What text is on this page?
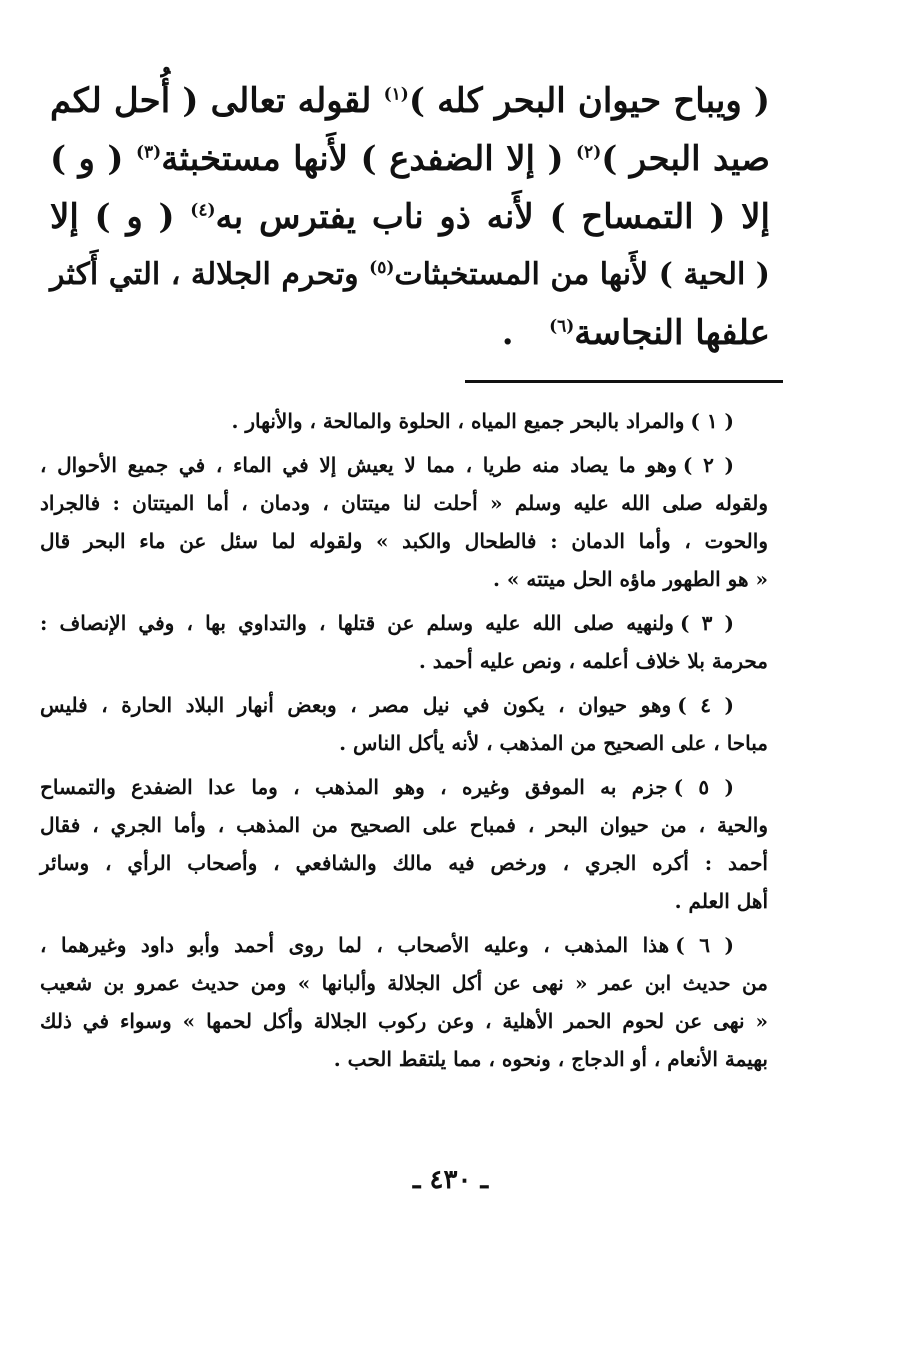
( ويباح حيوان البحر كله )$^{(١)}$ لقوله تعالى ( أُحل لكم
صيد البحر )$^{(٢)}$ ( إلا الضفدع ) لأَنها مستخبثة$^{(٣)}$ ( و )
إلا ( التمساح ) لأَنه ذو ناب يفترس به$^{(٤)}$ ( و ) إلا
( الحية ) لأَنها من المستخبثات$^{(٥)}$ وتحرم الجلالة ، التي أَكثر
علفها النجاسة$^{(٦)}$   .
( ١ )والمراد بالبحر جميع المياه ، الحلوة والمالحة ، والأنهار .
( ٢ )وهو ما يصاد منه طريا ، مما لا يعيش إلا في الماء ، في جميع الأحوال ،
ولقوله صلى الله عليه وسلم « أحلت لنا ميتتان ، ودمان ، أما الميتتان : فالجراد
والحوت ، وأما الدمان : فالطحال والكبد » ولقوله لما سئل عن ماء البحر قال
« هو الطهور ماؤه الحل ميتته » .
( ٣ )ولنهيه صلى الله عليه وسلم عن قتلها ، والتداوي بها ، وفي الإنصاف :
محرمة بلا خلاف أعلمه ، ونص عليه أحمد .
( ٤ )وهو حيوان ، يكون في نيل مصر ، وبعض أنهار البلاد الحارة ، فليس
مباحا ، على الصحيح من المذهب ، لأنه يأكل الناس .
( ٥ )جزم به الموفق وغيره ، وهو المذهب ، وما عدا الضفدع والتمساح
والحية ، من حيوان البحر ، فمباح على الصحيح من المذهب ، وأما الجري ، فقال
أحمد : أكره الجري ، ورخص فيه مالك والشافعي ، وأصحاب الرأي ، وسائر
أهل العلم .
( ٦ )هذا المذهب ، وعليه الأصحاب ، لما روى أحمد وأبو داود وغيرهما ،
من حديث ابن عمر « نهى عن أكل الجلالة وألبانها » ومن حديث عمرو بن شعيب
« نهى عن لحوم الحمر الأهلية ، وعن ركوب الجلالة وأكل لحمها » وسواء في ذلك
بهيمة الأنعام ، أو الدجاج ، ونحوه ، مما يلتقط الحب .
ـ ٤٣٠ ـ
